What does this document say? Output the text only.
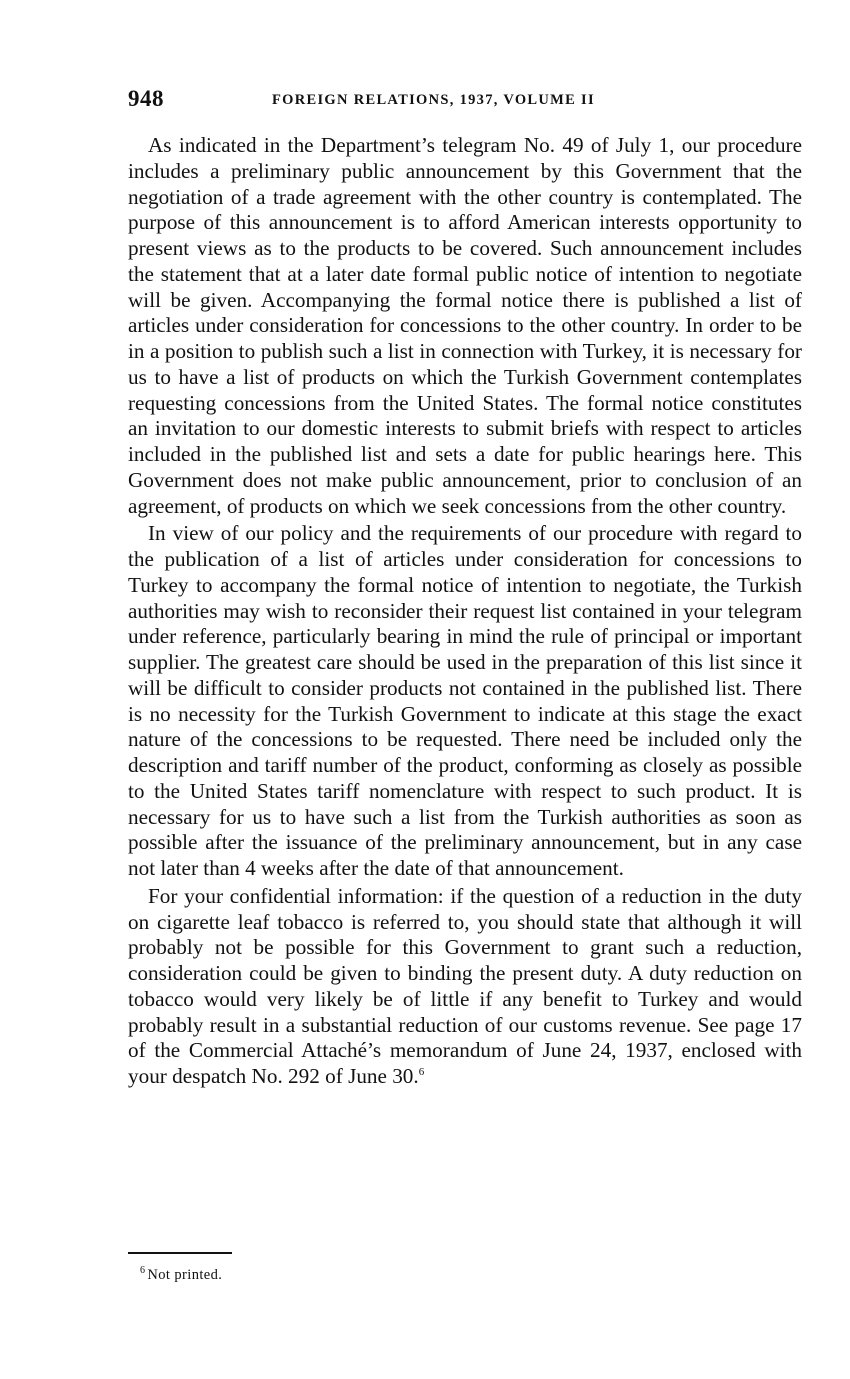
948	FOREIGN RELATIONS, 1937, VOLUME II

As indicated in the Department’s telegram No. 49 of July 1, our procedure includes a preliminary public announcement by this Government that the negotiation of a trade agreement with the other country is contemplated. The purpose of this announcement is to afford American interests opportunity to present views as to the products to be covered. Such announcement includes the statement that at a later date formal public notice of intention to negotiate will be given. Accompanying the formal notice there is published a list of articles under consideration for concessions to the other country. In order to be in a position to publish such a list in connection with Turkey, it is necessary for us to have a list of products on which the Turkish Government contemplates requesting concessions from the United States. The formal notice constitutes an invitation to our domestic interests to submit briefs with respect to articles included in the published list and sets a date for public hearings here. This Government does not make public announcement, prior to conclusion of an agreement, of products on which we seek concessions from the other country.

In view of our policy and the requirements of our procedure with regard to the publication of a list of articles under consideration for concessions to Turkey to accompany the formal notice of intention to negotiate, the Turkish authorities may wish to reconsider their request list contained in your telegram under reference, particularly bearing in mind the rule of principal or important supplier. The greatest care should be used in the preparation of this list since it will be difficult to consider products not contained in the published list. There is no necessity for the Turkish Government to indicate at this stage the exact nature of the concessions to be requested. There need be included only the description and tariff number of the product, conforming as closely as possible to the United States tariff nomenclature with respect to such product. It is necessary for us to have such a list from the Turkish authorities as soon as possible after the issuance of the preliminary announcement, but in any case not later than 4 weeks after the date of that announcement.

For your confidential information: if the question of a reduction in the duty on cigarette leaf tobacco is referred to, you should state that although it will probably not be possible for this Government to grant such a reduction, consideration could be given to binding the present duty. A duty reduction on tobacco would very likely be of little if any benefit to Turkey and would probably result in a substantial reduction of our customs revenue. See page 17 of the Commercial Attaché’s memorandum of June 24, 1937, enclosed with your despatch No. 292 of June 30.$^6$

$^6$ Not printed.
